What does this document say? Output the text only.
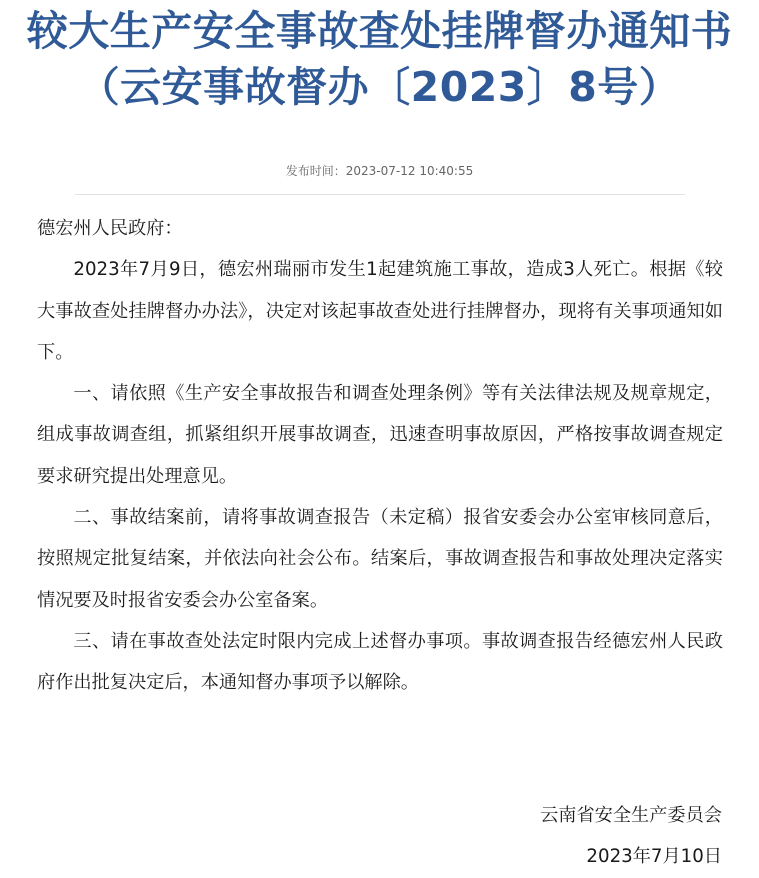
较大生产安全事故查处挂牌督办通知书（云安事故督办〔2023〕8号）
发布时间：2023-07-12 10:40:55

德宏州人民政府：

2023年7月9日，德宏州瑞丽市发生1起建筑施工事故，造成3人死亡。根据《较大事故查处挂牌督办办法》，决定对该起事故查处进行挂牌督办，现将有关事项通知如下。

一、请依照《生产安全事故报告和调查处理条例》等有关法律法规及规章规定，组成事故调查组，抓紧组织开展事故调查，迅速查明事故原因，严格按事故调查规定要求研究提出处理意见。

二、事故结案前，请将事故调查报告（未定稿）报省安委会办公室审核同意后，按照规定批复结案，并依法向社会公布。结案后，事故调查报告和事故处理决定落实情况要及时报省安委会办公室备案。

三、请在事故查处法定时限内完成上述督办事项。事故调查报告经德宏州人民政府作出批复决定后，本通知督办事项予以解除。

云南省安全生产委员会
2023年7月10日
